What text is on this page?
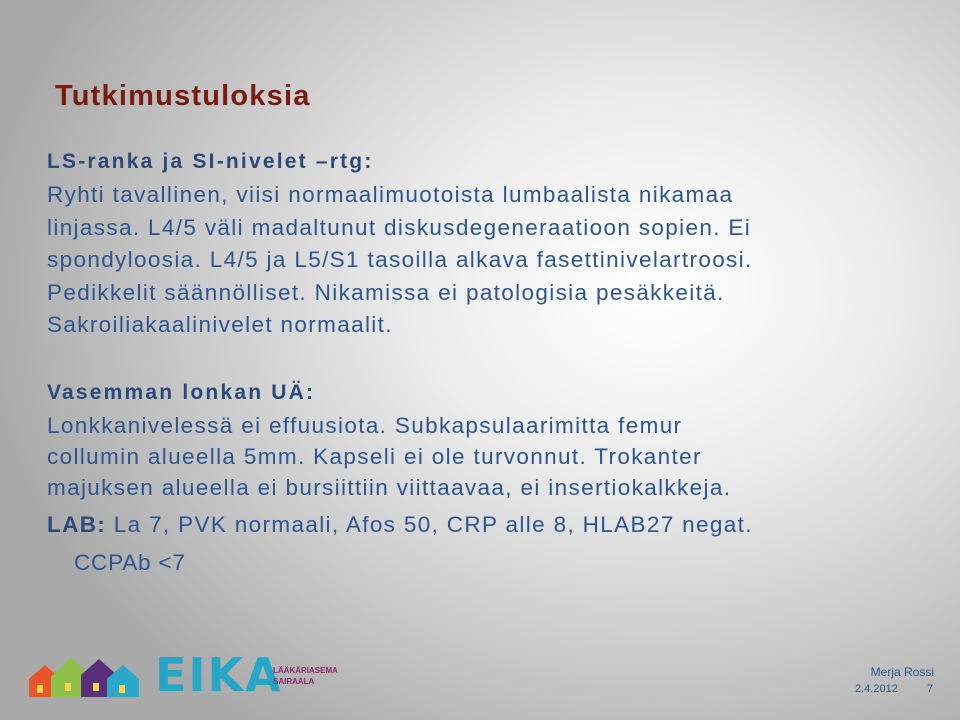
Tutkimustuloksia
LS-ranka ja SI-nivelet –rtg:

Ryhti tavallinen, viisi normaalimuotoista lumbaalista nikamaa

linjassa. L4/5 väli madaltunut diskusdegeneraatioon sopien. Ei

spondyloosia. L4/5 ja L5/S1 tasoilla alkava fasettinivelartroosi.

Pedikkelit säännölliset. Nikamissa ei patologisia pesäkkeitä.

Sakroiliakaalinivelet normaalit.

Vasemman lonkan UÄ:

Lonkkanivelessä ei effuusiota. Subkapsulaarimitta femur

collumin alueella 5mm. Kapseli ei ole turvonnut. Trokanter

majuksen alueella ei bursiittiin viittaavaa, ei insertiokalkkeja.

LAB: La 7, PVK normaali, Afos 50, CRP alle 8, HLAB27 negat.
CCPAb <7
EIKA
LÄÄKÄRIASEMA
SAIRAALA
Merja Rossi
2.4.2012	7
